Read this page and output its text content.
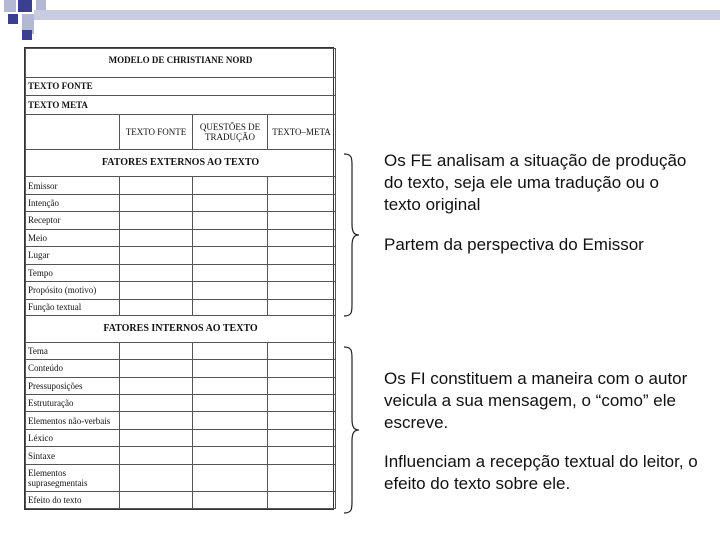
MODELO DE CHRISTIANE NORD			
TEXTO FONTE			
TEXTO META			
	TEXTO FONTE	QUESTÕES DE TRADUÇÃO	TEXTO–META
FATORES EXTERNOS AO TEXTO			
Emissor			
Intenção			
Receptor			
Meio			
Lugar			
Tempo			
Propósito (motivo)			
Função textual			
FATORES INTERNOS AO TEXTO			
Tema			
Conteúdo			
Pressuposições			
Estruturação			
Elementos não-verbais			
Léxico			
Sintaxe			
Elementos suprasegmentais			
Efeito do texto			
Os FE analisam a situação de produção do texto, seja ele uma tradução ou o texto original
Partem da perspectiva do Emissor
Os FI constituem a maneira com o autor veicula a sua mensagem, o “como” ele escreve.
Influenciam a recepção textual do leitor, o efeito do texto sobre ele.
